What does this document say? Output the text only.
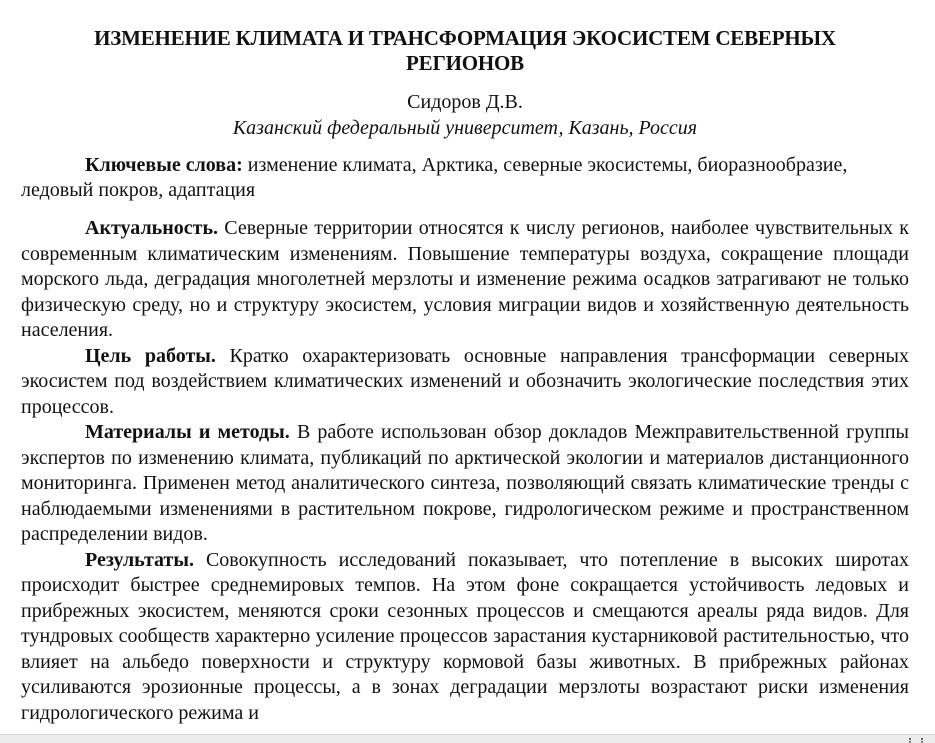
ИЗМЕНЕНИЕ КЛИМАТА И ТРАНСФОРМАЦИЯ ЭКОСИСТЕМ СЕВЕРНЫХ РЕГИОНОВ
Сидоров Д.В.
Казанский федеральный университет, Казань, Россия
Ключевые слова: изменение климата, Арктика, северные экосистемы, биоразнообразие, ледовый покров, адаптация

Актуальность. Северные территории относятся к числу регионов, наиболее чувствительных к современным климатическим изменениям. Повышение температуры воздуха, сокращение площади морского льда, деградация многолетней мерзлоты и изменение режима осадков затрагивают не только физическую среду, но и структуру экосистем, условия миграции видов и хозяйственную деятельность населения.

Цель работы. Кратко охарактеризовать основные направления трансформации северных экосистем под воздействием климатических изменений и обозначить экологические последствия этих процессов.

Материалы и методы. В работе использован обзор докладов Межправительственной группы экспертов по изменению климата, публикаций по арктической экологии и материалов дистанционного мониторинга. Применен метод аналитического синтеза, позволяющий связать климатические тренды с наблюдаемыми изменениями в растительном покрове, гидрологическом режиме и пространственном распределении видов.

Результаты. Совокупность исследований показывает, что потепление в высоких широтах происходит быстрее среднемировых темпов. На этом фоне сокращается устойчивость ледовых и прибрежных экосистем, меняются сроки сезонных процессов и смещаются ареалы ряда видов. Для тундровых сообществ характерно усиление процессов зарастания кустарниковой растительностью, что влияет на альбедо поверхности и структуру кормовой базы животных. В прибрежных районах усиливаются эрозионные процессы, а в зонах деградации мерзлоты возрастают риски изменения гидрологического режима и
